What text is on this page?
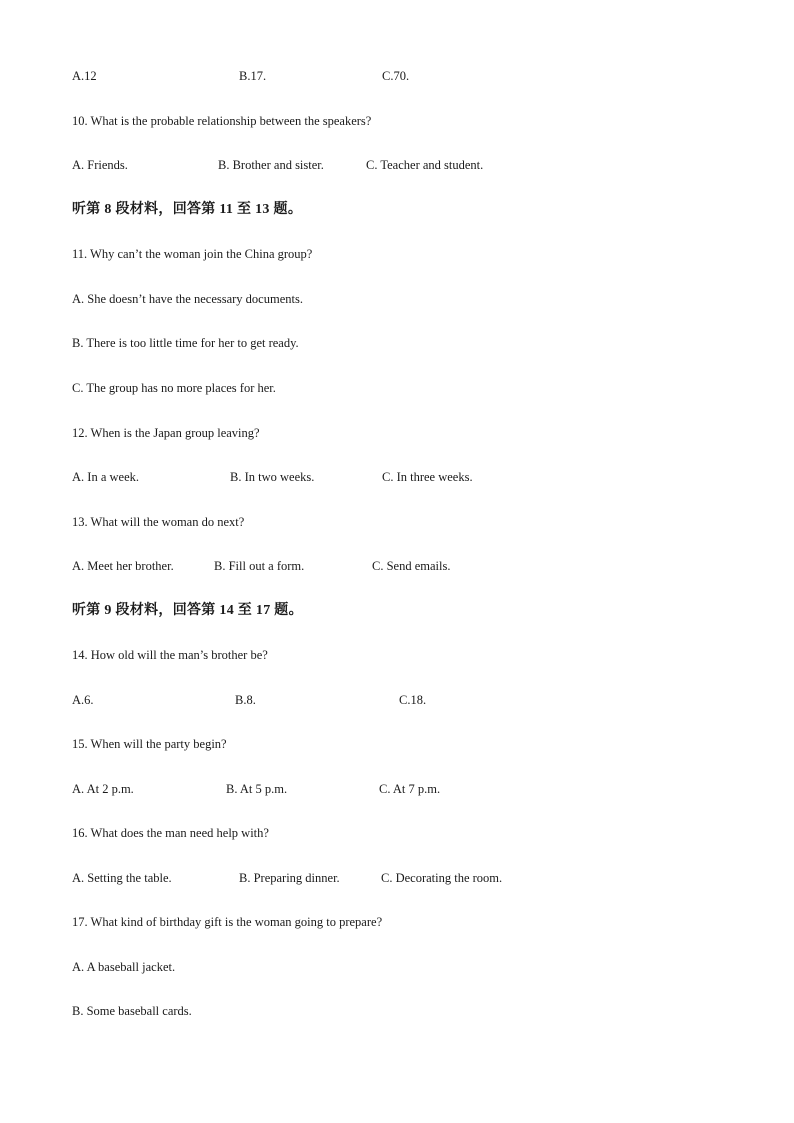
A.12	B.17.	C.70.
10. What is the probable relationship between the speakers?
A. Friends.	B. Brother and sister.	C. Teacher and student.
听第 8 段材料，回答第 11 至 13 题。
11. Why can’t the woman join the China group?
A. She doesn’t have the necessary documents.
B. There is too little time for her to get ready.
C. The group has no more places for her.
12. When is the Japan group leaving?
A. In a week.	B. In two weeks.	C. In three weeks.
13. What will the woman do next?
A. Meet her brother.	B. Fill out a form.	C. Send emails.
听第 9 段材料，回答第 14 至 17 题。
14. How old will the man’s brother be?
A.6.	B.8.	C.18.
15. When will the party begin?
A. At 2 p.m.	B. At 5 p.m.	C. At 7 p.m.
16. What does the man need help with?
A. Setting the table.	B. Preparing dinner.	C. Decorating the room.
17. What kind of birthday gift is the woman going to prepare?
A. A baseball jacket.
B. Some baseball cards.
